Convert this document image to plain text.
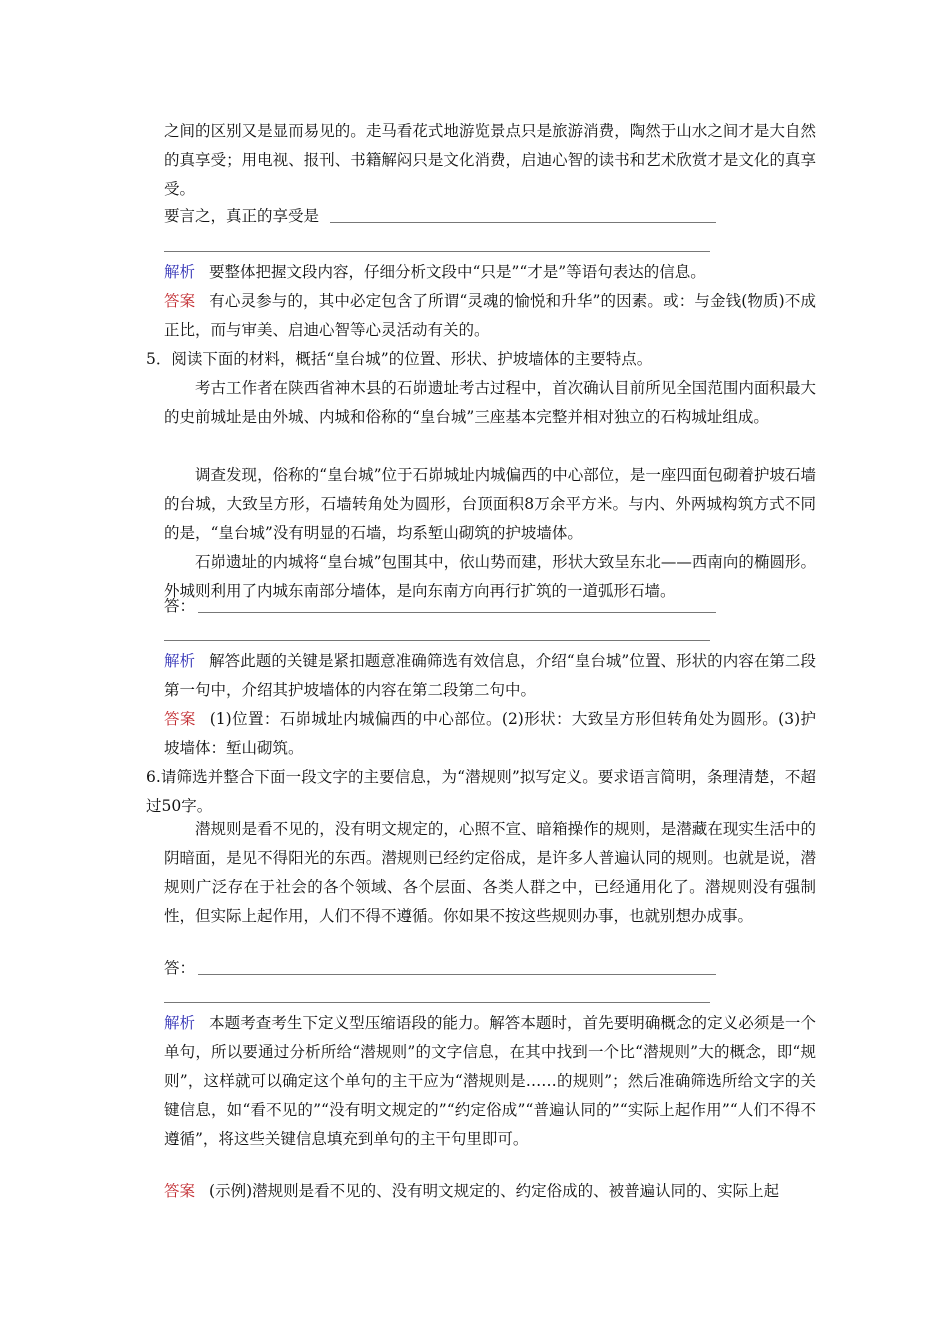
之间的区别又是显而易见的。走马看花式地游览景点只是旅游消费，陶然于山水之间才是大自然的真享受；用电视、报刊、书籍解闷只是文化消费，启迪心智的读书和艺术欣赏才是文化的真享受。

要言之，真正的享受是

解析 要整体把握文段内容，仔细分析文段中“只是”“才是”等语句表达的信息。

答案 有心灵参与的，其中必定包含了所谓“灵魂的愉悦和升华”的因素。或：与金钱(物质)不成正比，而与审美、启迪心智等心灵活动有关的。

5．阅读下面的材料，概括“皇台城”的位置、形状、护坡墙体的主要特点。

考古工作者在陕西省神木县的石峁遗址考古过程中，首次确认目前所见全国范围内面积最大的史前城址是由外城、内城和俗称的“皇台城”三座基本完整并相对独立的石构城址组成。

调查发现，俗称的“皇台城”位于石峁城址内城偏西的中心部位，是一座四面包砌着护坡石墙的台城，大致呈方形，石墙转角处为圆形，台顶面积8万余平方米。与内、外两城构筑方式不同的是，“皇台城”没有明显的石墙，均系堑山砌筑的护坡墙体。

石峁遗址的内城将“皇台城”包围其中，依山势而建，形状大致呈东北——西南向的椭圆形。外城则利用了内城东南部分墙体，是向东南方向再行扩筑的一道弧形石墙。

答：

解析 解答此题的关键是紧扣题意准确筛选有效信息，介绍“皇台城”位置、形状的内容在第二段第一句中，介绍其护坡墙体的内容在第二段第二句中。

答案 (1)位置：石峁城址内城偏西的中心部位。(2)形状：大致呈方形但转角处为圆形。(3)护坡墙体：堑山砌筑。

6.请筛选并整合下面一段文字的主要信息，为“潜规则”拟写定义。要求语言简明，条理清楚，不超过50字。

潜规则是看不见的，没有明文规定的，心照不宣、暗箱操作的规则，是潜藏在现实生活中的阴暗面，是见不得阳光的东西。潜规则已经约定俗成，是许多人普遍认同的规则。也就是说，潜规则广泛存在于社会的各个领域、各个层面、各类人群之中，已经通用化了。潜规则没有强制性，但实际上起作用，人们不得不遵循。你如果不按这些规则办事，也就别想办成事。

答：

解析 本题考查考生下定义型压缩语段的能力。解答本题时，首先要明确概念的定义必须是一个单句，所以要通过分析所给“潜规则”的文字信息，在其中找到一个比“潜规则”大的概念，即“规则”，这样就可以确定这个单句的主干应为“潜规则是……的规则”；然后准确筛选所给文字的关键信息，如“看不见的”“没有明文规定的”“约定俗成”“普遍认同的”“实际上起作用”“人们不得不遵循”，将这些关键信息填充到单句的主干句里即可。

答案 (示例)潜规则是看不见的、没有明文规定的、约定俗成的、被普遍认同的、实际上起
